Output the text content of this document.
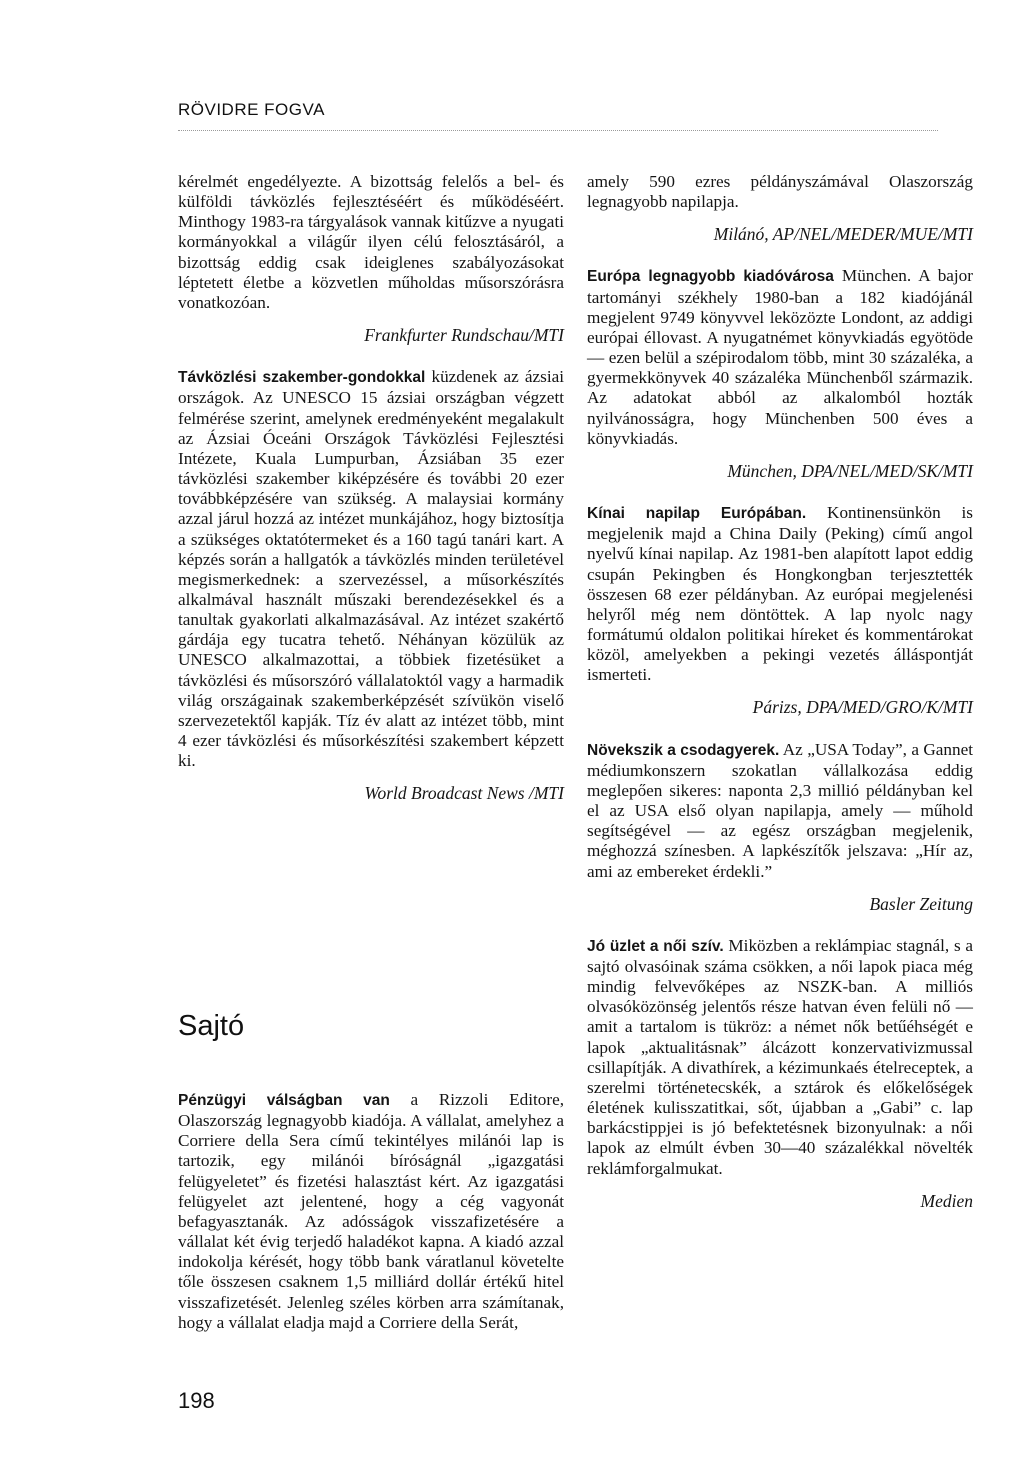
RÖVIDRE FOGVA

kérelmét engedélyezte. A bizottság felelős a bel- és külföldi távközlés fejlesztéséért és működéséért. Minthogy 1983-ra tárgyalások vannak kitűzve a nyugati kormányokkal a világűr ilyen célú felosztásáról, a bizottság eddig csak ideiglenes szabályozásokat léptetett életbe a közvetlen műholdas műsorszórásra vonatkozóan.

Frankfurter Rundschau/MTI

Távközlési szakember-gondokkal küzdenek az ázsiai országok. Az UNESCO 15 ázsiai országban végzett felmérése szerint, amelynek eredményeként megalakult az Ázsiai Óceáni Országok Távközlési Fejlesztési Intézete, Kuala Lumpurban, Ázsiában 35 ezer távközlési szakember kiképzésére és további 20 ezer továbbképzésére van szükség. A malaysiai kormány azzal járul hozzá az intézet munkájához, hogy biztosítja a szükséges oktatótermeket és a 160 tagú tanári kart. A képzés során a hallgatók a távközlés minden területével megismerkednek: a szervezéssel, a műsorkészítés alkalmával használt műszaki berendezésekkel és a tanultak gyakorlati alkalmazásával. Az intézet szakértő gárdája egy tucatra tehető. Néhányan közülük az UNESCO alkalmazottai, a többiek fizetésüket a távközlési és műsorszóró vállalatoktól vagy a harmadik világ országainak szakemberképzését szívükön viselő szervezetektől kapják. Tíz év alatt az intézet több, mint 4 ezer távközlési és műsorkészítési szakembert képzett ki.

World Broadcast News /MTI
Sajtó

Pénzügyi válságban van a Rizzoli Editore, Olaszország legnagyobb kiadója. A vállalat, amelyhez a Corriere della Sera című tekintélyes milánói lap is tartozik, egy milánói bíróságnál „igazgatási felügyeletet” és fizetési halasztást kért. Az igazgatási felügyelet azt jelentené, hogy a cég vagyonát befagyasztanák. Az adósságok visszafizetésére a vállalat két évig terjedő haladékot kapna. A kiadó azzal indokolja kérését, hogy több bank váratlanul követelte tőle összesen csaknem 1,5 milliárd dollár értékű hitel visszafizetését. Jelenleg széles körben arra számítanak, hogy a vállalat eladja majd a Corriere della Serát,

amely 590 ezres példányszámával Olaszország legnagyobb napilapja.

Milánó, AP/NEL/MEDER/MUE/MTI

Európa legnagyobb kiadóvárosa München. A bajor tartományi székhely 1980-ban a 182 kiadójánál megjelent 9749 könyvvel leközözte Londont, az addigi európai éllovast. A nyugatnémet könyvkiadás egyötöde — ezen belül a szépirodalom több, mint 30 százaléka, a gyermekkönyvek 40 százaléka Münchenből származik. Az adatokat abból az alkalomból hozták nyilvánosságra, hogy Münchenben 500 éves a könyvkiadás.

München, DPA/NEL/MED/SK/MTI

Kínai napilap Európában. Kontinensünkön is megjelenik majd a China Daily (Peking) című angol nyelvű kínai napilap. Az 1981-ben alapított lapot eddig csupán Pekingben és Hongkongban terjesztették összesen 68 ezer példányban. Az európai megjelenési helyről még nem döntöttek. A lap nyolc nagy formátumú oldalon politikai híreket és kommentárokat közöl, amelyekben a pekingi vezetés álláspontját ismerteti.

Párizs, DPA/MED/GRO/K/MTI

Növekszik a csodagyerek. Az „USA Today”, a Gannet médiumkonszern szokatlan vállalkozása eddig meglepően sikeres: naponta 2,3 millió példányban kel el az USA első olyan napilapja, amely — műhold segítségével — az egész országban megjelenik, méghozzá színesben. A lapkészítők jelszava: „Hír az, ami az embereket érdekli.”

Basler Zeitung

Jó üzlet a női szív. Miközben a reklámpiac stagnál, s a sajtó olvasóinak száma csökken, a női lapok piaca még mindig felvevőképes az NSZK-ban. A milliós olvasóközönség jelentős része hatvan éven felüli nő — amit a tartalom is tükröz: a német nők betűéhségét e lapok „aktualitásnak” álcázott konzervativizmussal csillapítják. A divathírek, a kézimunkaés ételreceptek, a szerelmi történetecskék, a sztárok és előkelőségek életének kulisszatitkai, sőt, újabban a „Gabi” c. lap barkácstippjei is jó befektetésnek bizonyulnak: a női lapok az elmúlt évben 30—40 százalékkal növelték reklámforgalmukat.

Medien
198
